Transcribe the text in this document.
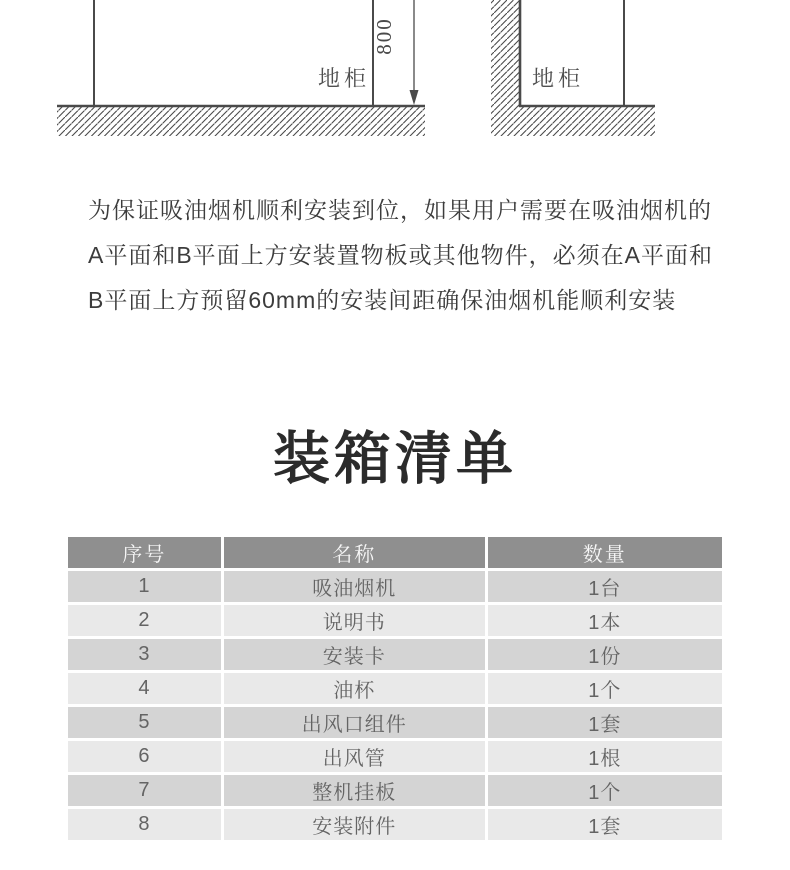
800
地柜	地柜
为保证吸油烟机顺利安装到位，如果用户需要在吸油烟机的
A平面和B平面上方安装置物板或其他物件，必须在A平面和
B平面上方预留60mm的安装间距确保油烟机能顺利安装
装箱清单
序号	名称	数量
1	吸油烟机	1台
2	说明书	1本
3	安装卡	1份
4	油杯	1个
5	出风口组件	1套
6	出风管	1根
7	整机挂板	1个
8	安装附件	1套
